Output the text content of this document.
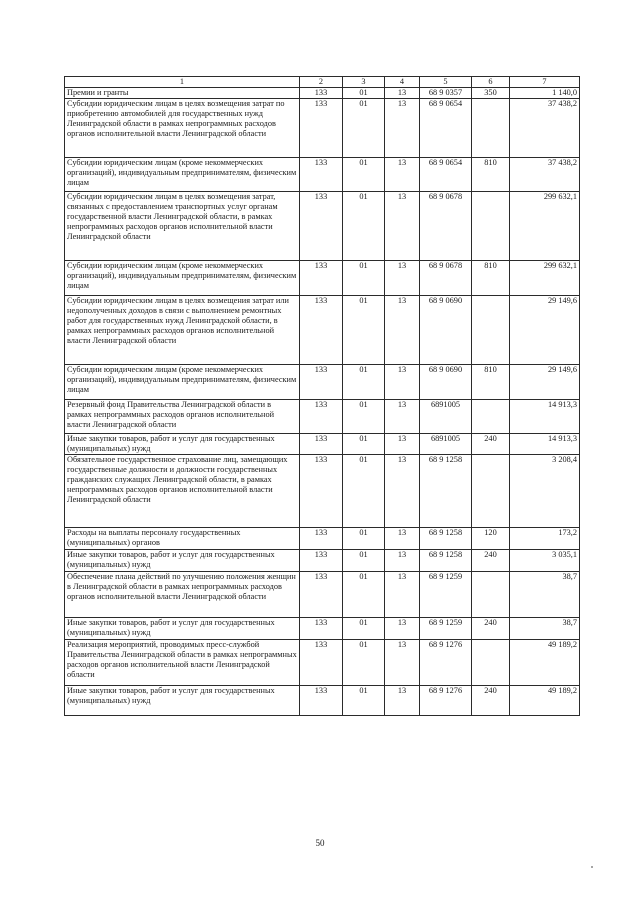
1	2	3	4	5	6	7
Премии и гранты	133	01	13	68 9 0357	350	1 140,0
Субсидии юридическим лицам в целях возмещения затрат по приобретению автомобилей для государственных нужд Ленинградской области в рамках непрограммных расходов органов исполнительной власти Ленинградской области	133	01	13	68 9 0654		37 438,2
Субсидии юридическим лицам (кроме некоммерческих организаций), индивидуальным предпринимателям, физическим лицам	133	01	13	68 9 0654	810	37 438,2
Субсидии юридическим лицам в целях возмещения затрат, связанных с предоставлением транспортных услуг органам государственной власти Ленинградской области, в рамках непрограммных расходов органов исполнительной власти Ленинградской области	133	01	13	68 9 0678		299 632,1
Субсидии юридическим лицам (кроме некоммерческих организаций), индивидуальным предпринимателям, физическим лицам	133	01	13	68 9 0678	810	299 632,1
Субсидии юридическим лицам в целях возмещения затрат или недополученных доходов в связи с выполнением ремонтных работ для государственных нужд Ленинградской области, в рамках непрограммных расходов органов исполнительной власти Ленинградской области	133	01	13	68 9 0690		29 149,6
Субсидии юридическим лицам (кроме некоммерческих организаций), индивидуальным предпринимателям, физическим лицам	133	01	13	68 9 0690	810	29 149,6
Резервный фонд Правительства Ленинградской области в рамках непрограммных расходов органов исполнительной власти Ленинградской области	133	01	13	6891005		14 913,3
Иные закупки товаров, работ и услуг для государственных (муниципальных) нужд	133	01	13	6891005	240	14 913,3
Обязательное государственное страхование лиц, замещающих государственные должности и должности государственных гражданских служащих Ленинградской области, в рамках непрограммных расходов органов исполнительной власти Ленинградской области	133	01	13	68 9 1258		3 208,4
Расходы на выплаты персоналу государственных (муниципальных) органов	133	01	13	68 9 1258	120	173,2
Иные закупки товаров, работ и услуг для государственных (муниципальных) нужд	133	01	13	68 9 1258	240	3 035,1
Обеспечение плана действий по улучшению положения женщин в Ленинградской области в рамках непрограммных расходов органов исполнительной власти Ленинградской области	133	01	13	68 9 1259		38,7
Иные закупки товаров, работ и услуг для государственных (муниципальных) нужд	133	01	13	68 9 1259	240	38,7
Реализация мероприятий, проводимых пресс-службой Правительства Ленинградской области в рамках непрограммных расходов органов исполнительной власти Ленинградской области	133	01	13	68 9 1276		49 189,2
Иные закупки товаров, работ и услуг для государственных (муниципальных) нужд	133	01	13	68 9 1276	240	49 189,2
50
